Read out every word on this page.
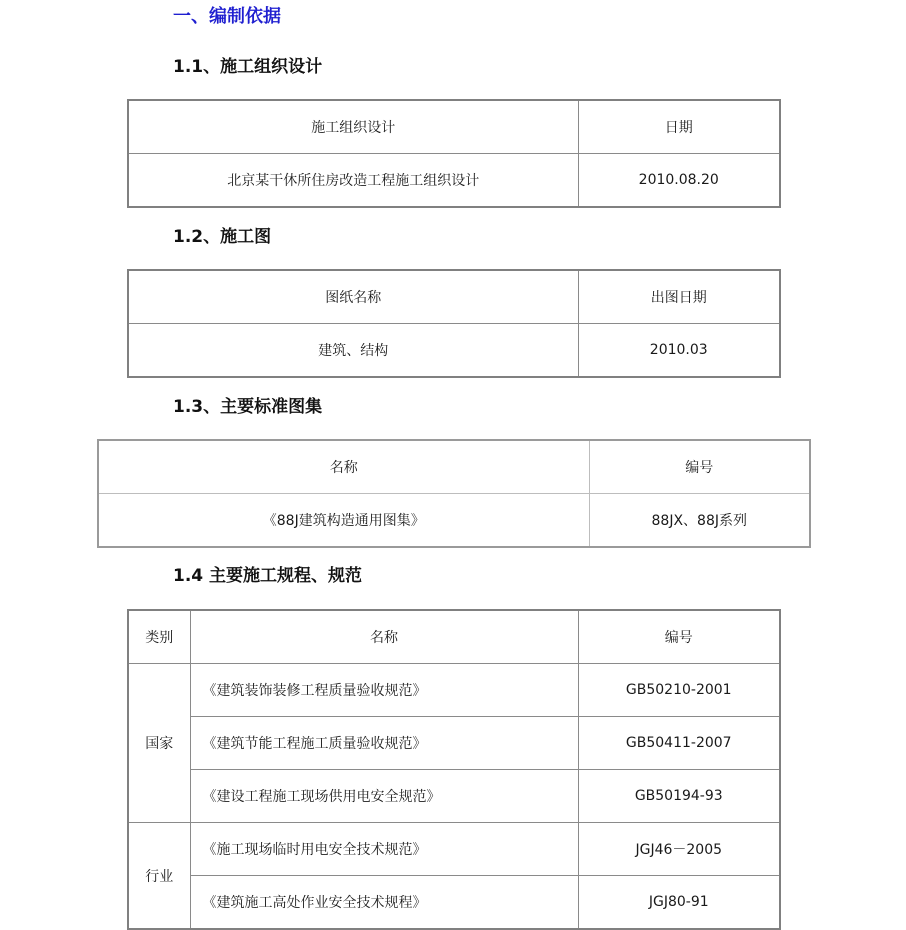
一、编制依据
1.1、施工组织设计
施工组织设计	日期
北京某干休所住房改造工程施工组织设计	2010.08.20
1.2、施工图
图纸名称	出图日期
建筑、结构	2010.03
1.3、主要标准图集
名称	编号
《88J建筑构造通用图集》	88JX、88J系列
1.4 主要施工规程、规范
类别	名称	编号
国家	《建筑装饰装修工程质量验收规范》	GB50210-2001
	《建筑节能工程施工质量验收规范》	GB50411-2007
	《建设工程施工现场供用电安全规范》	GB50194-93
行业	《施工现场临时用电安全技术规范》	JGJ46－2005
	《建筑施工高处作业安全技术规程》	JGJ80-91
